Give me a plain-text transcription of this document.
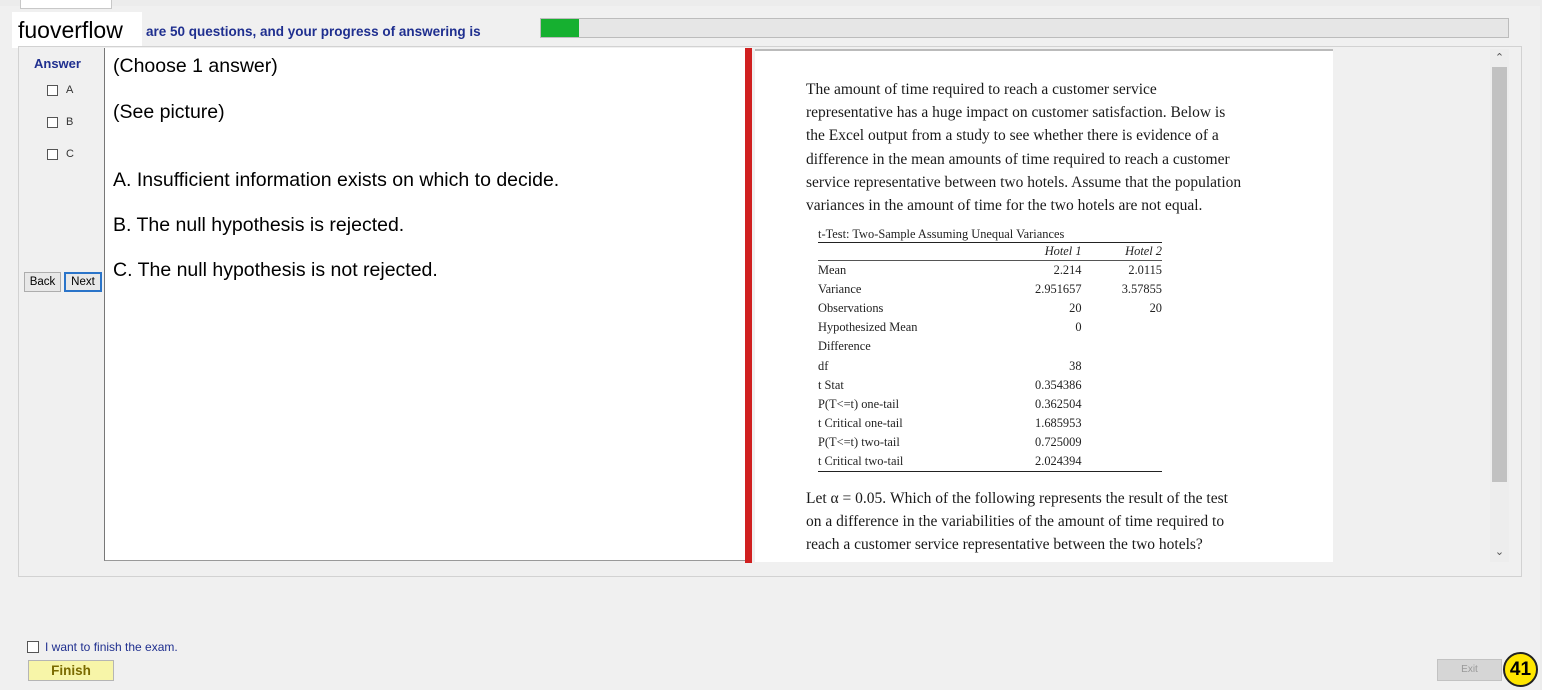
fuoverflow	are 50 questions, and your progress of answering is
Answer
A
B
C
Back	Next
(Choose 1 answer)
(See picture)
A. Insufficient information exists on which to decide.
B. The null hypothesis is rejected.
C. The null hypothesis is not rejected.
The amount of time required to reach a customer service
representative has a huge impact on customer satisfaction. Below is
the Excel output from a study to see whether there is evidence of a
difference in the mean amounts of time required to reach a customer
service representative between two hotels. Assume that the population
variances in the amount of time for the two hotels are not equal.
t-Test: Two-Sample Assuming Unequal Variances
	Hotel 1	Hotel 2
Mean	2.214	2.0115
Variance	2.951657	3.57855
Observations	20	20
Hypothesized Mean	0	
Difference		
df	38	
t Stat	0.354386	
P(T<=t) one-tail	0.362504	
t Critical one-tail	1.685953	
P(T<=t) two-tail	0.725009	
t Critical two-tail	2.024394	
Let α = 0.05. Which of the following represents the result of the test
on a difference in the variabilities of the amount of time required to
reach a customer service representative between the two hotels?
⌃
⌄
I want to finish the exam.
Finish	Exit	41
